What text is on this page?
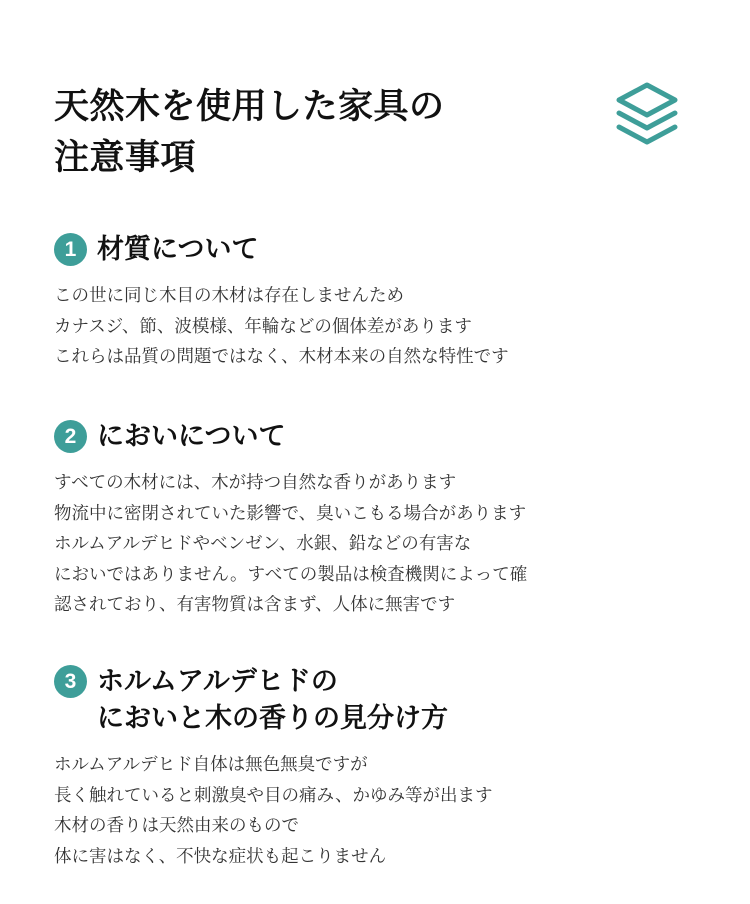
天然木を使用した家具の
注意事項
1 材質について
この世に同じ木目の木材は存在しません​ため
カナスジ、節、波模様、年輪などの個体差があります
これらは品質の問題ではなく、木材本来の自然な特性です
2 においについて
すべての木材には、木が持つ自然な香りがあります
物流中に密閉されていた影響で、臭いこもる場合があります
ホルムアルデヒドやベンゼン、水銀、鉛などの有害な
においではありません。すべての製品は検査機関によって確
認されており、有害物質は含まず、人体に無害です
3 ホルムアルデヒドの
においと木の香りの見分け方
ホルムアルデヒド自体は無色無臭ですが
長く触れていると刺激臭や目の痛み、かゆみ等が出ます
木材の香りは天然由来のもので
体に害はなく、不快な症状も起こりません
